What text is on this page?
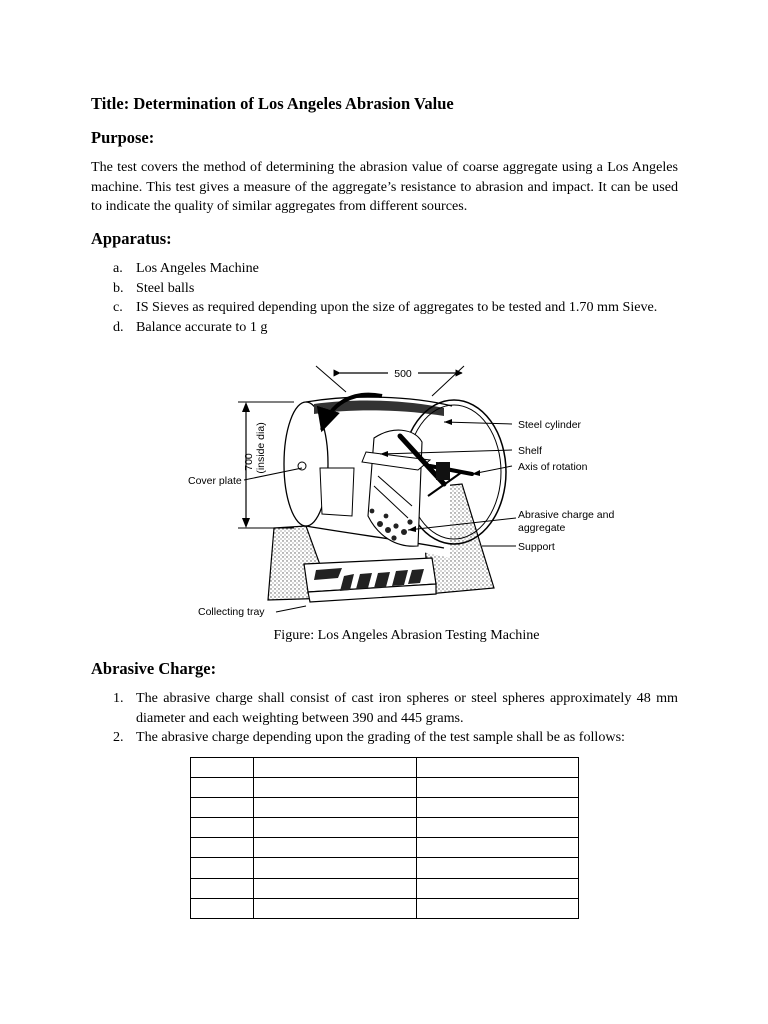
Title: Determination of Los Angeles Abrasion Value
Purpose:

The test covers the method of determining the abrasion value of coarse aggregate using a Los Angeles machine. This test gives a measure of the aggregate’s resistance to abrasion and impact. It can be used to indicate the quality of similar aggregates from different sources.

Apparatus:
a. Los Angeles Machine
b. Steel balls
c. IS Sieves as required depending upon the size of aggregates to be tested and 1.70 mm Sieve.
d. Balance accurate to 1 g
500
700 (inside dia)	Steel cylinder
Shelf
Axis of rotation
Cover plate
Abrasive charge and
aggregate
Support
Collecting tray

Figure: Los Angeles Abrasion Testing Machine

Abrasive Charge:
1. The abrasive charge shall consist of cast iron spheres or steel spheres approximately 48 mm diameter and each weighting between 390 and 445 grams.
2. The abrasive charge depending upon the grading of the test sample shall be as follows:
